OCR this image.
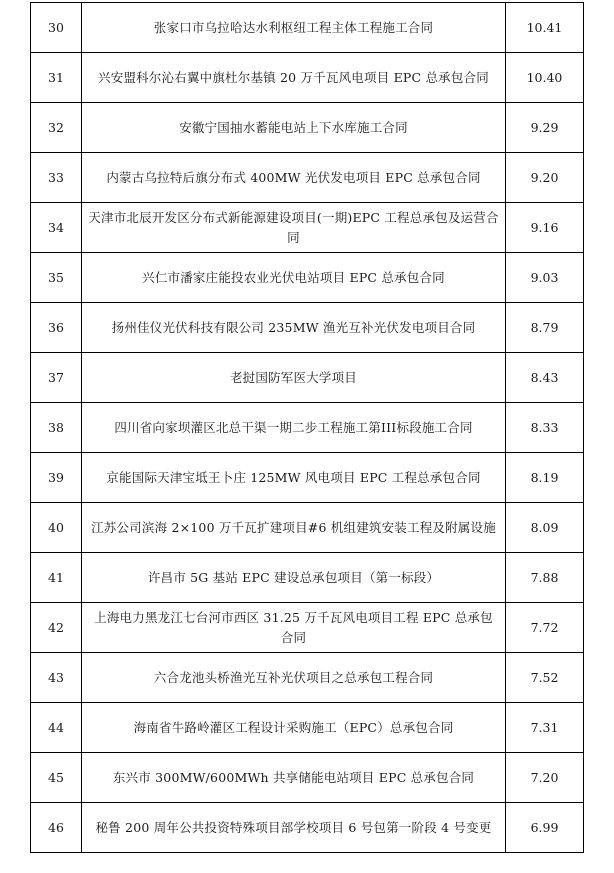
30	张家口市乌拉哈达水利枢纽工程主体工程施工合同	10.41
31	兴安盟科尔沁右翼中旗杜尔基镇 20 万千瓦风电项目 EPC 总承包合同	10.40
32	安徽宁国抽水蓄能电站上下水库施工合同	9.29
33	内蒙古乌拉特后旗分布式 400MW 光伏发电项目 EPC 总承包合同	9.20
34	天津市北辰开发区分布式新能源建设项目(一期)EPC 工程总承包及运营合同	9.16
35	兴仁市潘家庄能投农业光伏电站项目 EPC 总承包合同	9.03
36	扬州佳仪光伏科技有限公司 235MW 渔光互补光伏发电项目合同	8.79
37	老挝国防军医大学项目	8.43
38	四川省向家坝灌区北总干渠一期二步工程施工第III标段施工合同	8.33
39	京能国际天津宝坻王卜庄 125MW 风电项目 EPC 工程总承包合同	8.19
40	江苏公司滨海 2×100 万千瓦扩建项目#6 机组建筑安装工程及附属设施	8.09
41	许昌市 5G 基站 EPC 建设总承包项目（第一标段）	7.88
42	上海电力黑龙江七台河市西区 31.25 万千瓦风电项目工程 EPC 总承包合同	7.72
43	六合龙池头桥渔光互补光伏项目之总承包工程合同	7.52
44	海南省牛路岭灌区工程设计采购施工（EPC）总承包合同	7.31
45	东兴市 300MW/600MWh 共享储能电站项目 EPC 总承包合同	7.20
46	秘鲁 200 周年公共投资特殊项目部学校项目 6 号包第一阶段 4 号变更	6.99
